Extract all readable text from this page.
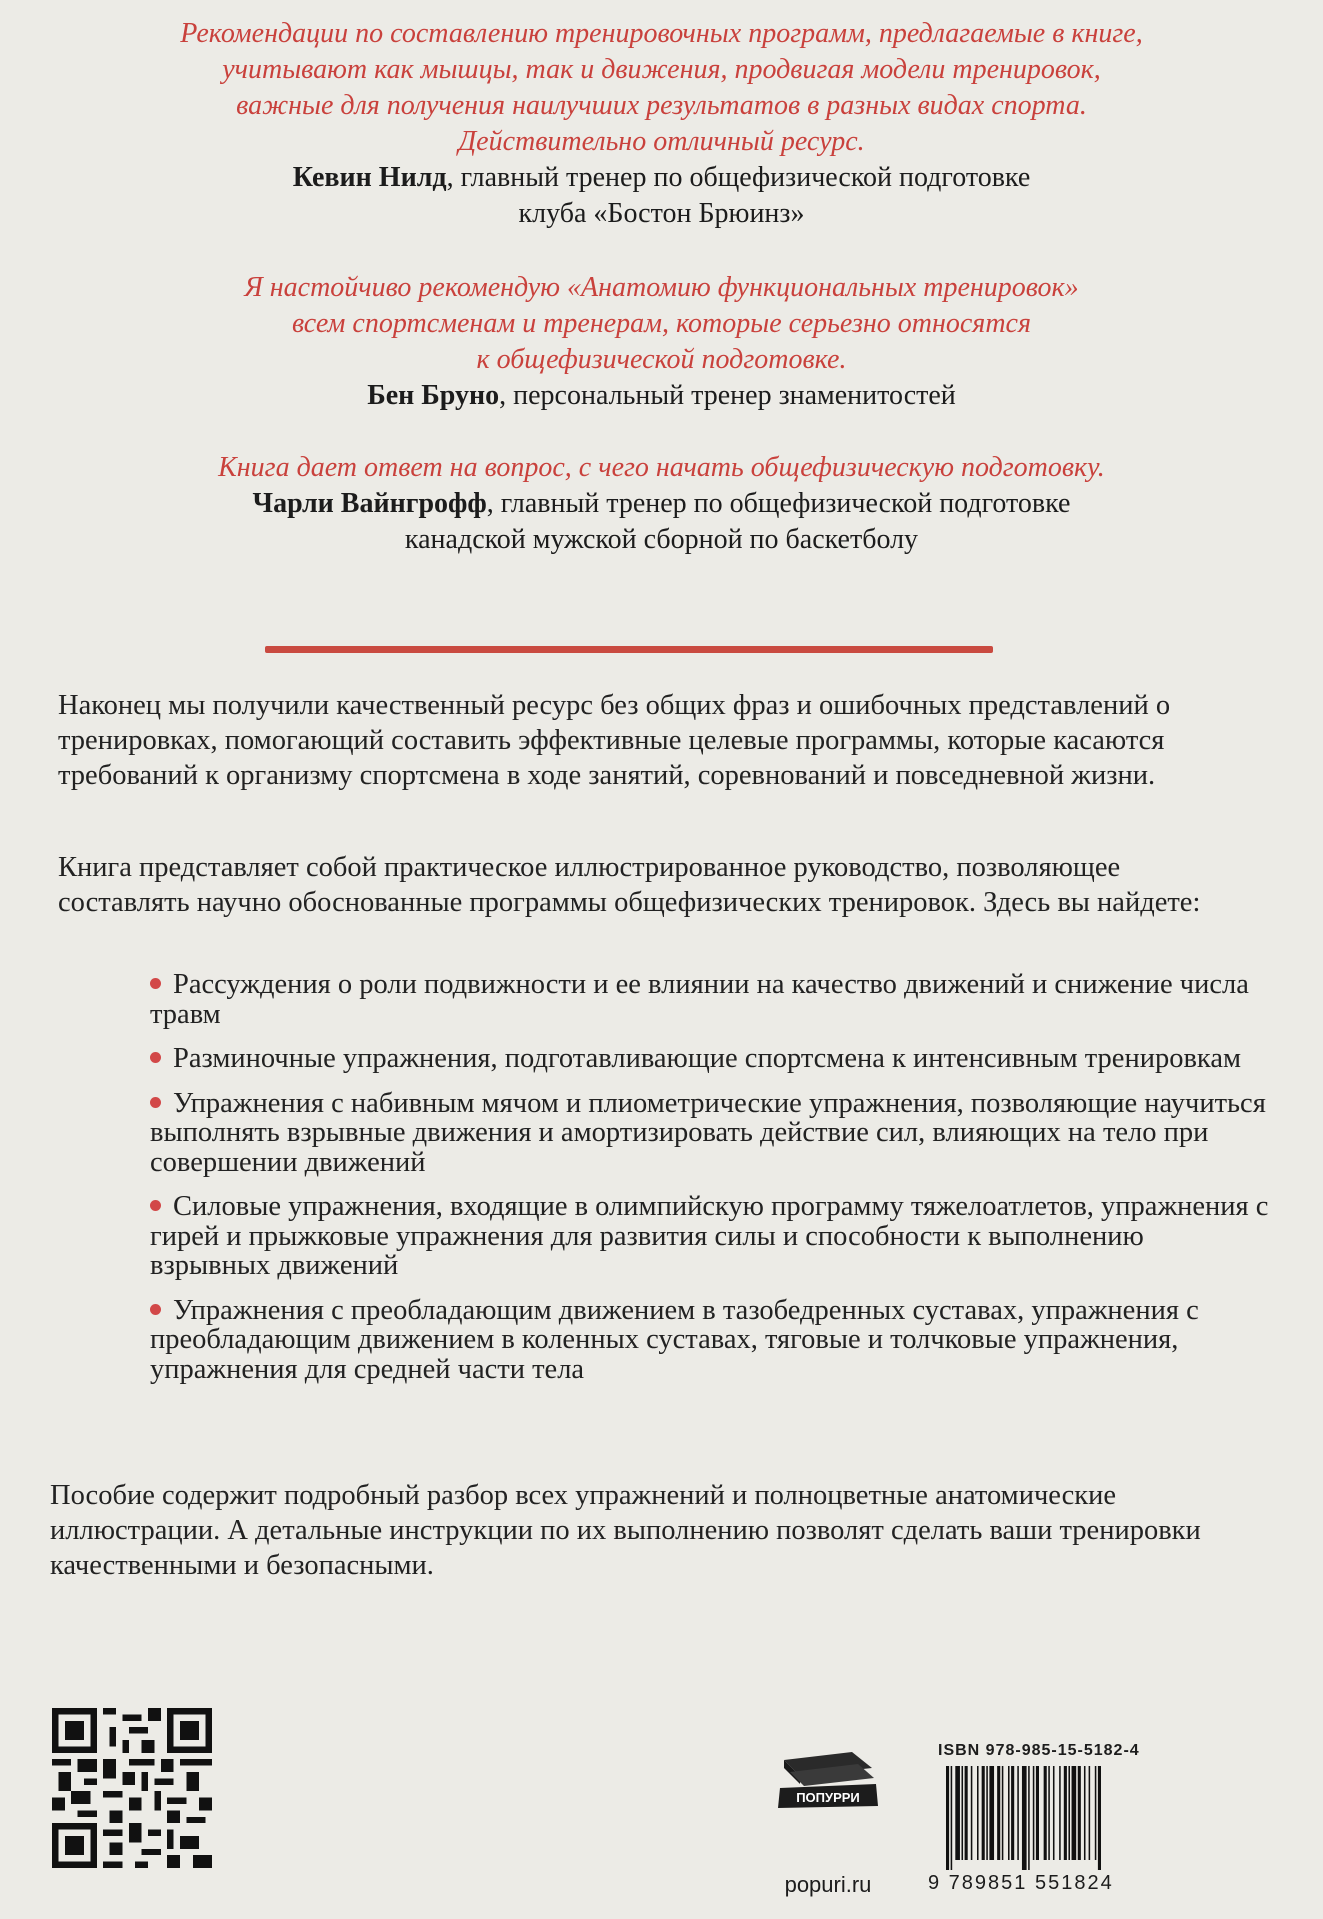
Рекомендации по составлению тренировочных программ, предлагаемые в книге,
учитывают как мышцы, так и движения, продвигая модели тренировок,
важные для получения наилучших результатов в разных видах спорта.
Действительно отличный ресурс.
Кевин Нилд, главный тренер по общефизической подготовке
клуба «Бостон Брюинз»
Я настойчиво рекомендую «Анатомию функциональных тренировок»
всем спортсменам и тренерам, которые серьезно относятся
к общефизической подготовке.
Бен Бруно, персональный тренер знаменитостей
Книга дает ответ на вопрос, с чего начать общефизическую подготовку.
Чарли Вайнгрофф, главный тренер по общефизической подготовке
канадской мужской сборной по баскетболу
Наконец мы получили качественный ресурс без общих фраз и ошибочных представлений о тренировках, помогающий составить эффективные целевые программы, которые касаются требований к организму спортсмена в ходе занятий, соревнований и повседневной жизни.
Книга представляет собой практическое иллюстрированное руководство, позволяющее составлять научно обоснованные программы общефизических тренировок. Здесь вы найдете:
Рассуждения о роли подвижности и ее влиянии на качество движений и снижение числа травм
Разминочные упражнения, подготавливающие спортсмена к интенсивным тренировкам
Упражнения с набивным мячом и плиометрические упражнения, позволяющие научиться выполнять взрывные движения и амортизировать действие сил, влияющих на тело при совершении движений
Силовые упражнения, входящие в олимпийскую программу тяжелоатлетов, упражнения с гирей и прыжковые упражнения для развития силы и способности к выполнению взрывных движений
Упражнения с преобладающим движением в тазобедренных суставах, упражнения с преобладающим движением в коленных суставах, тяговые и толчковые упражнения, упражнения для средней части тела
Пособие содержит подробный разбор всех упражнений и полноцветные анатомические иллюстрации. А детальные инструкции по их выполнению позволят сделать ваши тренировки качественными и безопасными.
ПОПУРРИ
popuri.ru
ISBN 978-985-15-5182-4
9 789851 551824
